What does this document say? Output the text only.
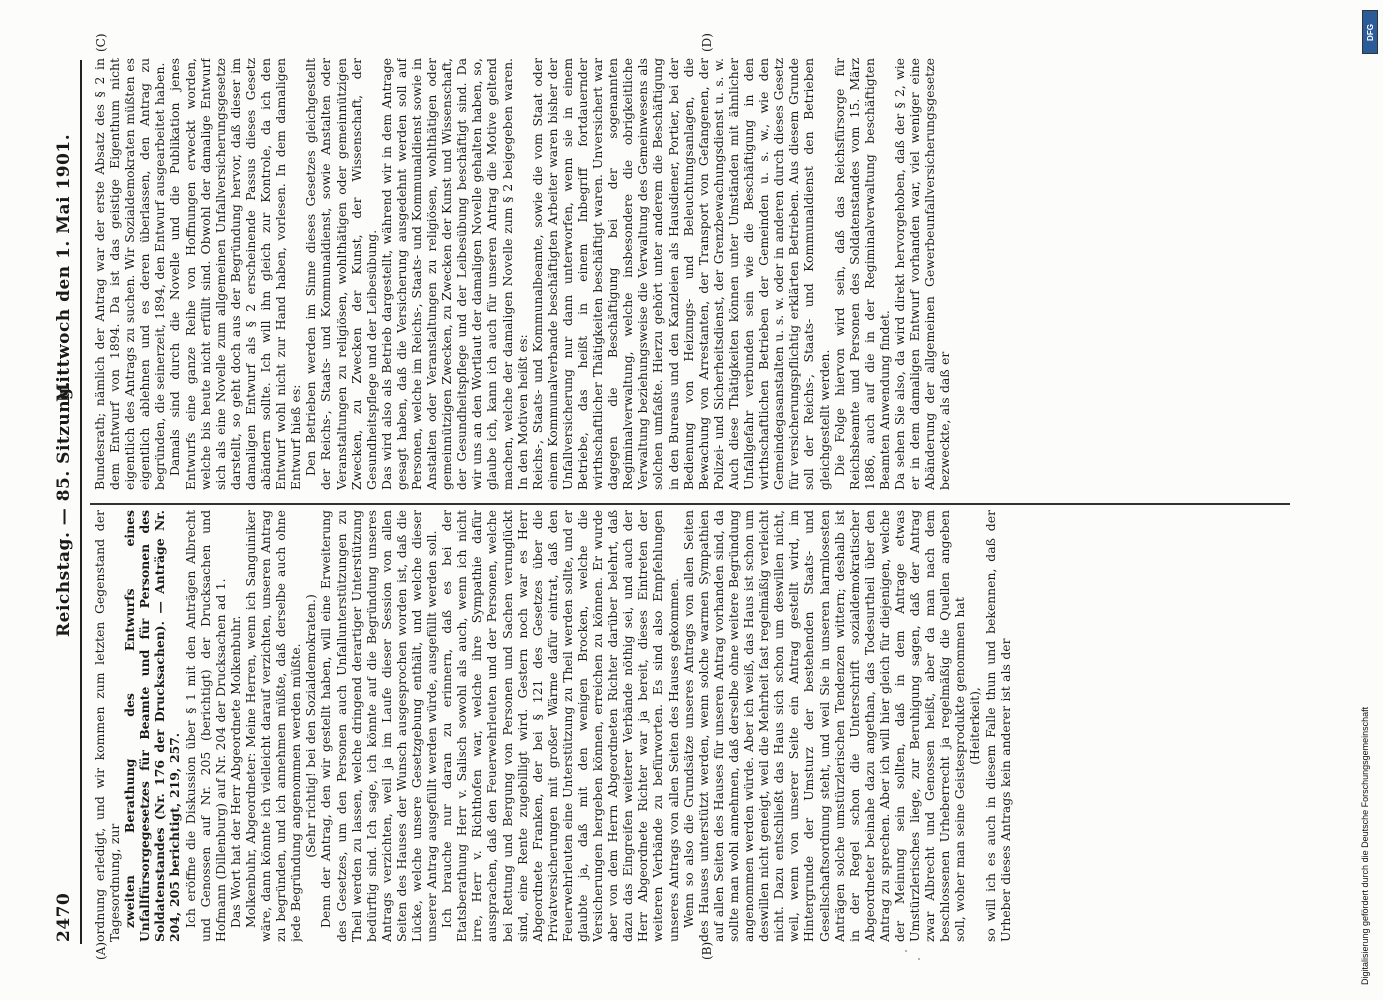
2470
Reichstag. — 85. Sitzung.
Mittwoch den 1. Mai 1901.
(A)	(B)
(C)	(D)

ordnung erledigt, und wir kommen zum letzten Gegenstand der Tagesordnung, zur zweiten Berathung des Entwurfs eines Unfallfürsorgegesetzes für Beamte und für Personen des Soldatenstandes (Nr. 176 der Drucksachen). — Anträge Nr. 204, 205 berichtigt, 219, 257. Ich eröffne die Diskussion über § 1 mit den Anträgen Albrecht und Genossen auf Nr. 205 (berichtigt) der Drucksachen und Hofmann (Dillenburg) auf Nr. 204 der Drucksachen ad 1. Das Wort hat der Herr Abgeordnete Molkenbuhr. Molkenbuhr, Abgeordneter: Meine Herren, wenn ich Sanguiniker wäre, dann könnte ich vielleicht darauf verzichten, unseren Antrag zu begründen, und ich annehmen müßte, daß derselbe auch ohne jede Begründung angenommen werden müßte. (Sehr richtig! bei den Sozialdemokraten.) Denn der Antrag, den wir gestellt haben, will eine Erweiterung des Gesetzes, um den Personen auch Unfallunterstützungen zu Theil werden zu lassen, welche dringend derartiger Unterstützung bedürftig sind. Ich sage, ich könnte auf die Begründung unseres Antrags verzichten, weil ja im Laufe dieser Session von allen Seiten des Hauses der Wunsch ausgesprochen worden ist, daß die Lücke, welche unsere Gesetzgebung enthält, und welche dieser unserer Antrag ausgefüllt werden würde, ausgefüllt werden soll. Ich brauche nur daran zu erinnern, daß es bei der Etatsberathung Herr v. Salisch sowohl als auch, wenn ich nicht irre, Herr v. Richthofen war, welche ihre Sympathie dafür aussprachen, daß den Feuerwehrleuten und der Personen, welche bei Rettung und Bergung von Personen und Sachen verunglückt sind, eine Rente zugebilligt wird. Gestern noch war es Herr Abgeordnete Franken, der bei § 121 des Gesetzes über die Privatversicherungen mit großer Wärme dafür eintrat, daß den Feuerwehrleuten eine Unterstützung zu Theil werden sollte, und er glaubte ja, daß mit den wenigen Brocken, welche die Versicherungen hergeben können, erreichen zu können. Er wurde aber von dem Herrn Abgeordneten Richter darüber belehrt, daß dazu das Eingreifen weiterer Verbände nöthig sei, und auch der Herr Abgeordnete Richter war ja bereit, dieses Eintreten der weiteren Verbände zu befürworten. Es sind also Empfehlungen unseres Antrags von allen Seiten des Hauses gekommen. Wenn so also die Grundsätze unseres Antrags von allen Seiten des Hauses unterstützt werden, wenn solche warmen Sympathien auf allen Seiten des Hauses für unseren Antrag vorhanden sind, da sollte man wohl annehmen, daß derselbe ohne weitere Begründung angenommen werden würde. Aber ich weiß, das Haus ist schon um deswillen nicht geneigt, weil die Mehrheit fast regelmäßig verleicht nicht. Dazu entschließt das Haus sich schon um deswillen nicht, weil, wenn von unserer Seite ein Antrag gestellt wird, im Hintergrunde der Umsturz der bestehenden Staats- und Gesellschaftsordnung steht, und weil Sie in unseren harmlosesten Anträgen solche umstürzlerischen Tendenzen wittern; deshalb ist in der Regel schon die Unterschrift sozialdemokratischer Abgeordneter beinahe dazu angethan, das Todesurtheil über den Antrag zu sprechen. Aber ich will hier gleich für diejenigen, welche der Meinung sein sollten, daß in dem Antrage etwas Umstürzlerisches liege, zur Beruhigung sagen, daß der Antrag zwar Albrecht und Genossen heißt, aber da man nach dem beschlossenen Urheberrecht ja regelmäßig die Quellen angeben soll, woher man seine Geistesprodukte genommen hat (Heiterkeit), so will ich es auch in diesem Falle thun und bekennen, daß der Urheber dieses Antrags kein anderer ist als der

Bundesrath; nämlich der Antrag war der erste Absatz des § 2 in dem Entwurf von 1894. Da ist das geistige Eigenthum nicht eigentlich des Antrags zu suchen. Wir Sozialdemokraten müßten es eigentlich ablehnen und es deren überlassen, den Antrag zu begründen, die seinerzeit, 1894, den Entwurf ausgearbeitet haben. Damals sind durch die Novelle und die Publikation jenes Entwurfs eine ganze Reihe von Hoffnungen erweckt worden, welche bis heute nicht erfüllt sind. Obwohl der damalige Entwurf sich als eine Novelle zum allgemeinen Unfallversicherungsgesetze darstellt, so geht doch aus der Begründung hervor, daß dieser im damaligen Entwurf als § 2 erscheinende Passus dieses Gesetz abändern sollte. Ich will ihn gleich zur Kontrole, da ich den Entwurf wohl nicht zur Hand haben, vorlesen. In dem damaligen Entwurf hieß es: Den Betrieben werden im Sinne dieses Gesetzes gleichgestellt der Reichs-, Staats- und Kommunaldienst, sowie Anstalten oder Veranstaltungen zu religiösen, wohlthätigen oder gemeinnützigen Zwecken, zu Zwecken der Kunst, der Wissenschaft, der Gesundheitspflege und der Leibesübung. Das wird also als Betrieb dargestellt, während wir in dem Antrage gesagt haben, daß die Versicherung ausgedehnt werden soll auf Personen, welche im Reichs-, Staats- und Kommunaldienst sowie in Anstalten oder Veranstaltungen zu religiösen, wohlthätigen oder gemeinnützigen Zwecken, zu Zwecken der Kunst und Wissenschaft, der Gesundheitspflege und der Leibesübung beschäftigt sind. Da wir uns an den Wortlaut der damaligen Novelle gehalten haben, so, glaube ich, kann ich auch für unseren Antrag die Motive geltend machen, welche der damaligen Novelle zum § 2 beigegeben waren. In den Motiven heißt es: Reichs-, Staats- und Kommunalbeamte, sowie die vom Staat oder einem Kommunalverbande beschäftigten Arbeiter waren bisher der Unfallversicherung nur dann unterworfen, wenn sie in einem Betriebe, das heißt in einem Inbegriff fortdauernder wirthschaftlicher Thätigkeiten beschäftigt waren. Unversichert war dagegen die Beschäftigung bei der sogenannten Regiminalverwaltung, welche insbesondere die obrigkeitliche Verwaltung beziehungsweise die Verwaltung des Gemeinwesens als solchen umfaßte. Hierzu gehört unter anderem die Beschäftigung in den Bureaus und den Kanzleien als Hausdiener, Portier, bei der Bedienung von Heizungs- und Beleuchtungsanlagen, die Bewachung von Arrestanten, der Transport von Gefangenen, der Polizei- und Sicherheitsdienst, der Grenzbewachungsdienst u. s. w. Auch diese Thätigkeiten können unter Umständen mit ähnlicher Unfallgefahr verbunden sein wie die Beschäftigung in den wirthschaftlichen Betrieben der Gemeinden u. s. w., wie den Gemeindegasanstalten u. s. w. oder in anderen durch dieses Gesetz für versicherungspflichtig erklärten Betrieben. Aus diesem Grunde soll der Reichs-, Staats- und Kommunaldienst den Betrieben gleichgestellt werden. Die Folge hiervon wird sein, daß das Reichsfürsorge für Reichsbeamte und Personen des Soldatenstandes vom 15. März 1886, auch auf die in der Regiminalverwaltung beschäftigten Beamten Anwendung findet. Da sehen Sie also, da wird direkt hervorgehoben, daß der § 2, wie er in dem damaligen Entwurf vorhanden war, viel weniger eine Abänderung der allgemeinen Gewerbeunfallversicherungsgesetze bezweckte, als daß er

Digitalisierung gefördert durch die Deutsche Forschungsgemeinschaft
DFG
